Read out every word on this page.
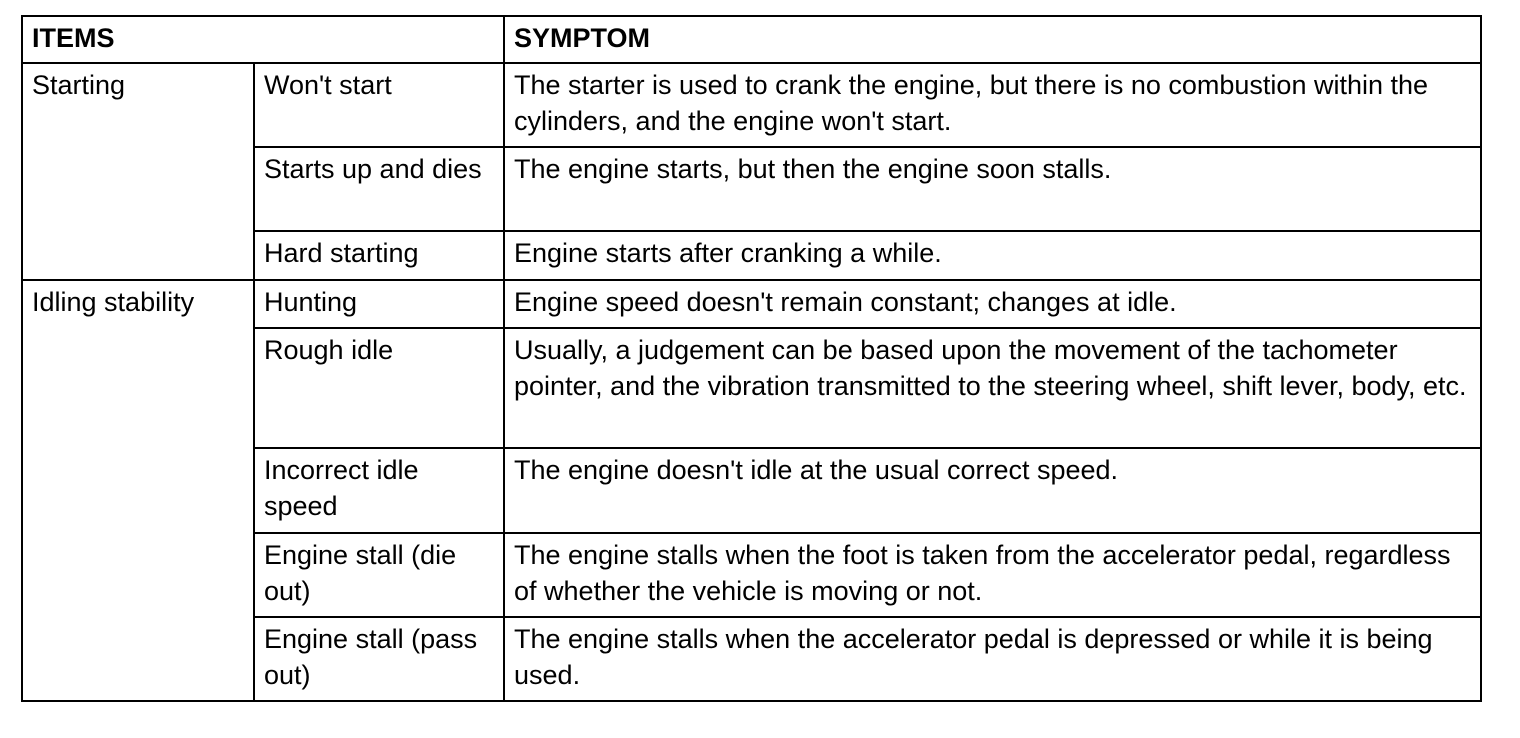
ITEMS		SYMPTOM
Starting	Won't start	The starter is used to crank the engine, but there is no combustion within the cylinders, and the engine won't start.
	Starts up and dies	The engine starts, but then the engine soon stalls.
	Hard starting	Engine starts after cranking a while.
Idling stability	Hunting	Engine speed doesn't remain constant; changes at idle.
	Rough idle	Usually, a judgement can be based upon the movement of the tachometer pointer, and the vibration transmitted to the steering wheel, shift lever, body, etc.
	Incorrect idle speed	The engine doesn't idle at the usual correct speed.
	Engine stall (die out)	The engine stalls when the foot is taken from the accelerator pedal, regardless of whether the vehicle is moving or not.
	Engine stall (pass out)	The engine stalls when the accelerator pedal is depressed or while it is being used.
